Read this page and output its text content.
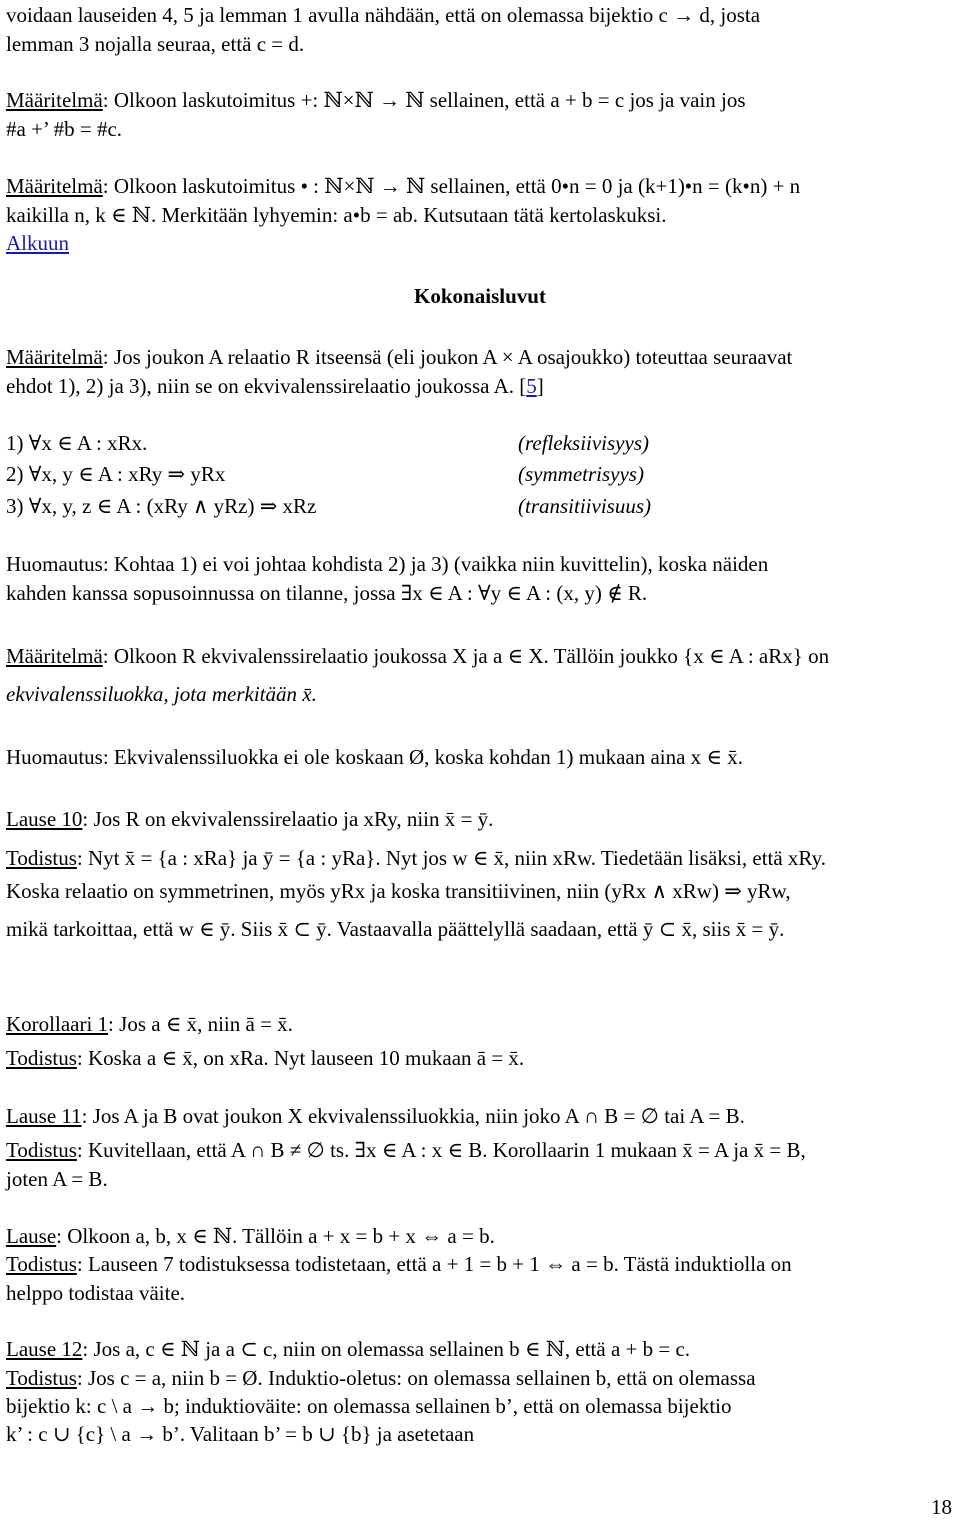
voidaan lauseiden 4, 5 ja lemman 1 avulla nähdään, että on olemassa bijektio c → d, josta
lemman 3 nojalla seuraa, että c = d.
Määritelmä: Olkoon laskutoimitus +: ℕ×ℕ → ℕ sellainen, että a + b = c jos ja vain jos
#a +’ #b = #c.
Määritelmä: Olkoon laskutoimitus • : ℕ×ℕ → ℕ sellainen, että 0•n = 0 ja (k+1)•n = (k•n) + n
kaikilla n, k ∈ ℕ. Merkitään lyhyemin: a•b = ab. Kutsutaan tätä kertolaskuksi.
Alkuun
Kokonaisluvut
Määritelmä: Jos joukon A relaatio R itseensä (eli joukon A × A osajoukko) toteuttaa seuraavat
ehdot 1), 2) ja 3), niin se on ekvivalenssirelaatio joukossa A. [5]
1) ∀x ∈ A : xRx.	(refleksiivisyys)
2) ∀x, y ∈ A : xRy ⇒ yRx	(symmetrisyys)
3) ∀x, y, z ∈ A : (xRy ∧ yRz) ⇒ xRz	(transitiivisuus)
Huomautus: Kohtaa 1) ei voi johtaa kohdista 2) ja 3) (vaikka niin kuvittelin), koska näiden
kahden kanssa sopusoinnussa on tilanne, jossa ∃x ∈ A : ∀y ∈ A : (x, y) ∉ R.
Määritelmä: Olkoon R ekvivalenssirelaatio joukossa X ja a ∈ X. Tällöin joukko {x ∈ A : aRx} on
ekvivalenssiluokka, jota merkitään x̄.
Huomautus: Ekvivalenssiluokka ei ole koskaan Ø, koska kohdan 1) mukaan aina x ∈ x̄.
Lause 10: Jos R on ekvivalenssirelaatio ja xRy, niin x̄ = ȳ.
Todistus: Nyt x̄ = {a : xRa} ja ȳ = {a : yRa}. Nyt jos w ∈ x̄, niin xRw. Tiedetään lisäksi, että xRy.
Koska relaatio on symmetrinen, myös yRx ja koska transitiivinen, niin (yRx ∧ xRw) ⇒ yRw,
mikä tarkoittaa, että w ∈ ȳ. Siis x̄ ⊂ ȳ. Vastaavalla päättelyllä saadaan, että ȳ ⊂ x̄, siis x̄ = ȳ.
Korollaari 1: Jos a ∈ x̄, niin ā = x̄.
Todistus: Koska a ∈ x̄, on xRa. Nyt lauseen 10 mukaan ā = x̄.
Lause 11: Jos A ja B ovat joukon X ekvivalenssiluokkia, niin joko A ∩ B = ∅ tai A = B.
Todistus: Kuvitellaan, että A ∩ B ≠ ∅ ts. ∃x ∈ A : x ∈ B. Korollaarin 1 mukaan x̄ = A ja x̄ = B,
joten A = B.
Lause: Olkoon a, b, x ∈ ℕ. Tällöin a + x = b + x ⇔ a = b.
Todistus: Lauseen 7 todistuksessa todistetaan, että a + 1 = b + 1 ⇔ a = b. Tästä induktiolla on
helppo todistaa väite.
Lause 12: Jos a, c ∈ ℕ ja a ⊂ c, niin on olemassa sellainen b ∈ ℕ, että a + b = c.
Todistus: Jos c = a, niin b = Ø. Induktio-oletus: on olemassa sellainen b, että on olemassa
bijektio k: c \ a → b; induktioväite: on olemassa sellainen b’, että on olemassa bijektio
k’ : c ∪ {c} \ a → b’. Valitaan b’ = b ∪ {b} ja asetetaan
18
